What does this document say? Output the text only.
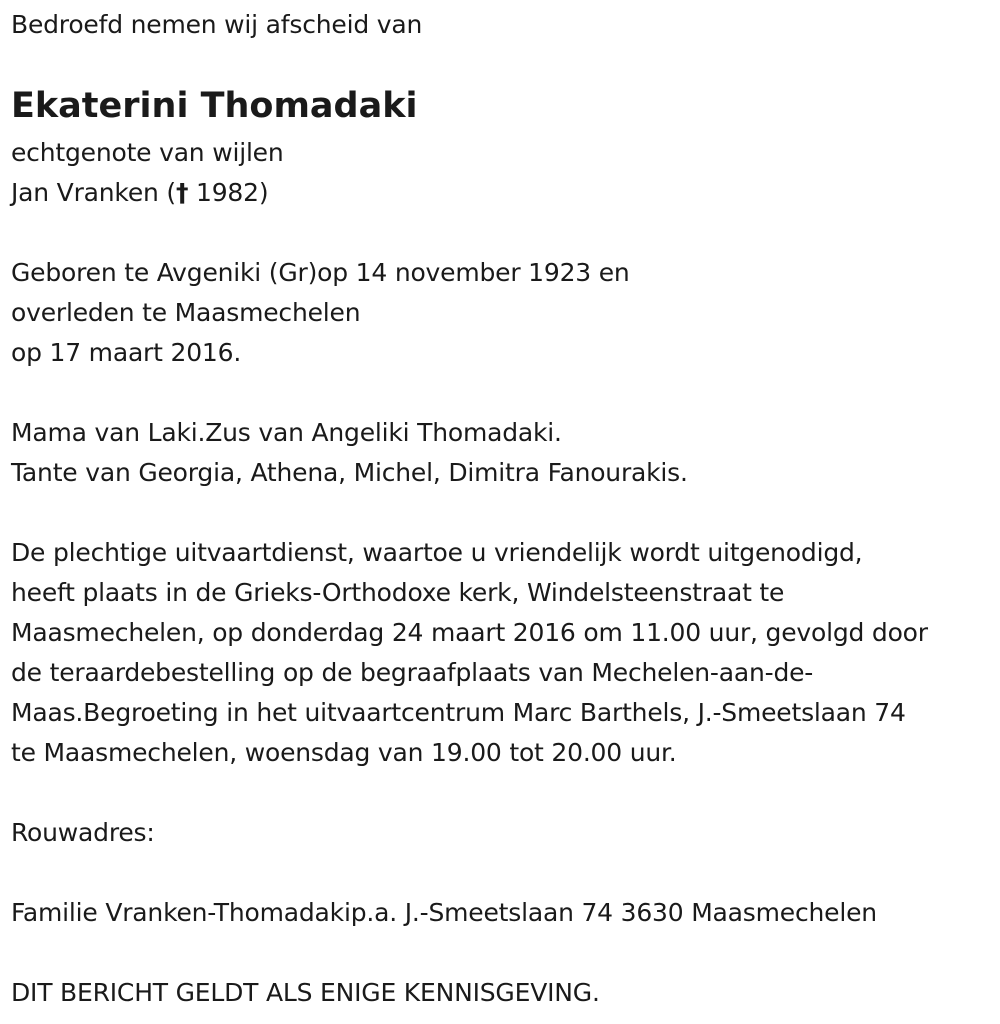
Bedroefd nemen wij afscheid van
Ekaterini Thomadaki
echtgenote van wijlen
Jan Vranken († 1982)
Geboren te Avgeniki (Gr)op 14 november 1923 en
overleden te Maasmechelen
op 17 maart 2016.
Mama van Laki.Zus van Angeliki Thomadaki.
Tante van Georgia, Athena, Michel, Dimitra Fanourakis.
De plechtige uitvaartdienst, waartoe u vriendelijk wordt uitgenodigd,
heeft plaats in de Grieks-Orthodoxe kerk, Windelsteenstraat te
Maasmechelen, op donderdag 24 maart 2016 om 11.00 uur, gevolgd door
de teraardebestelling op de begraafplaats van Mechelen-aan-de-
Maas.Begroeting in het uitvaartcentrum Marc Barthels, J.-Smeetslaan 74
te Maasmechelen, woensdag van 19.00 tot 20.00 uur.
Rouwadres:
Familie Vranken-Thomadakip.a. J.-Smeetslaan 74 3630 Maasmechelen
DIT BERICHT GELDT ALS ENIGE KENNISGEVING.
